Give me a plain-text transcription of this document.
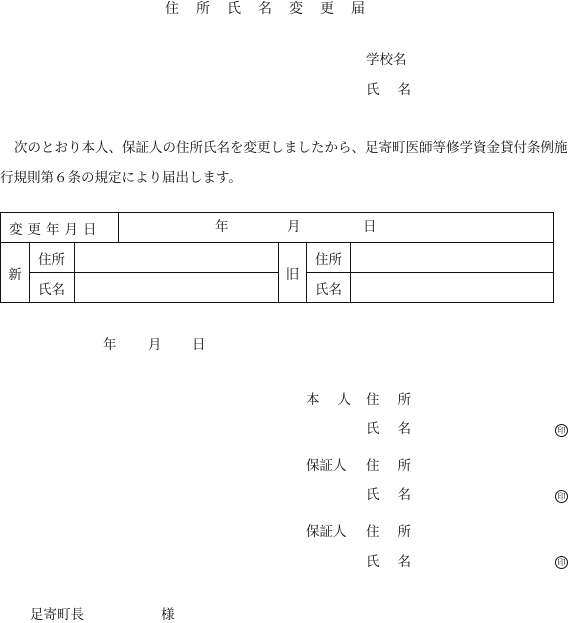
住所氏名変更届
学校名
氏名
次のとおり本人、保証人の住所氏名を変更しましたから、足寄町医師等修学資金貸付条例施行規則第６条の規定により届出します。
変更年月日			年 月 日			

新	住所			旧	住所	
	氏名				氏名	
年 月 日
本人
住所
氏名	印
保証人 住所
氏名	印
保証人 住所
氏名	印
足寄町長	様
